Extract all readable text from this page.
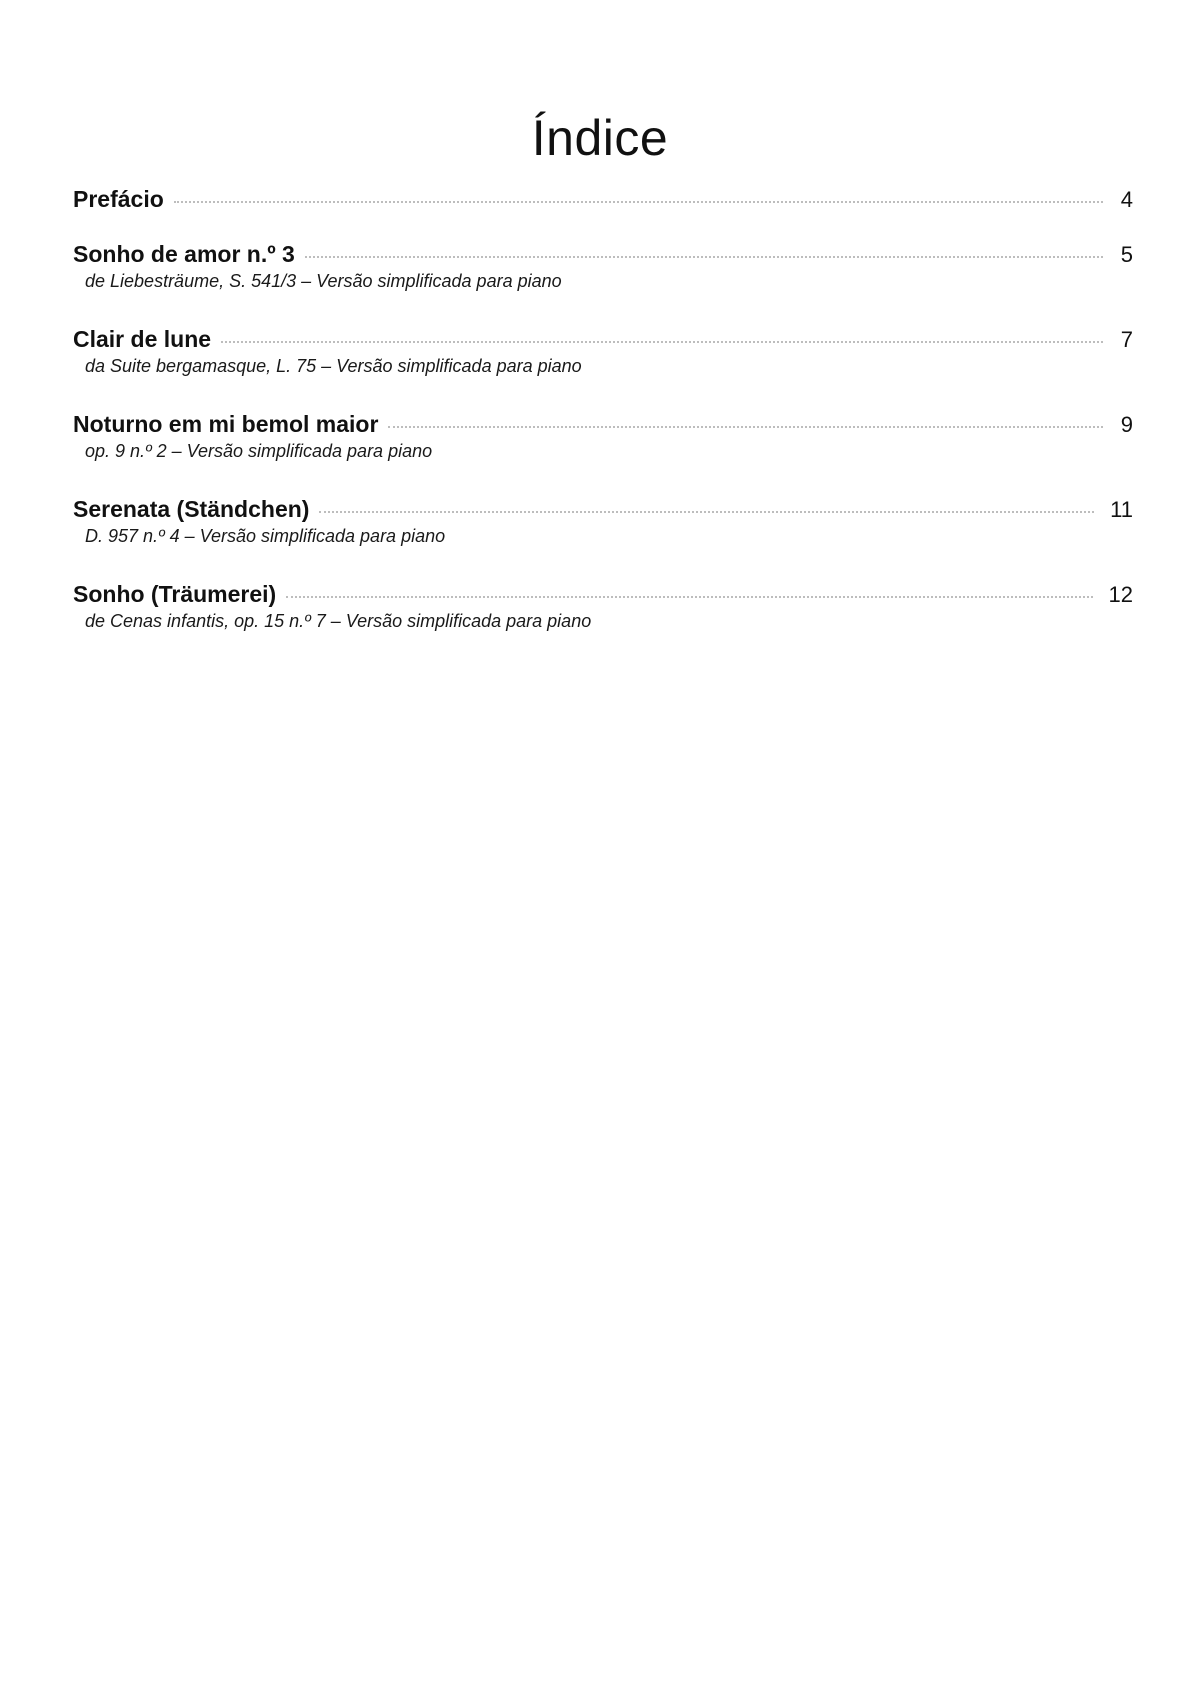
Índice
Prefácio	4
Sonho de amor n.º 3	5
de Liebesträume, S. 541/3 – Versão simplificada para piano
Clair de lune	7
da Suite bergamasque, L. 75 – Versão simplificada para piano
Noturno em mi bemol maior	9
op. 9 n.º 2 – Versão simplificada para piano
Serenata (Ständchen)	11
D. 957 n.º 4 – Versão simplificada para piano
Sonho (Träumerei)	12
de Cenas infantis, op. 15 n.º 7 – Versão simplificada para piano
